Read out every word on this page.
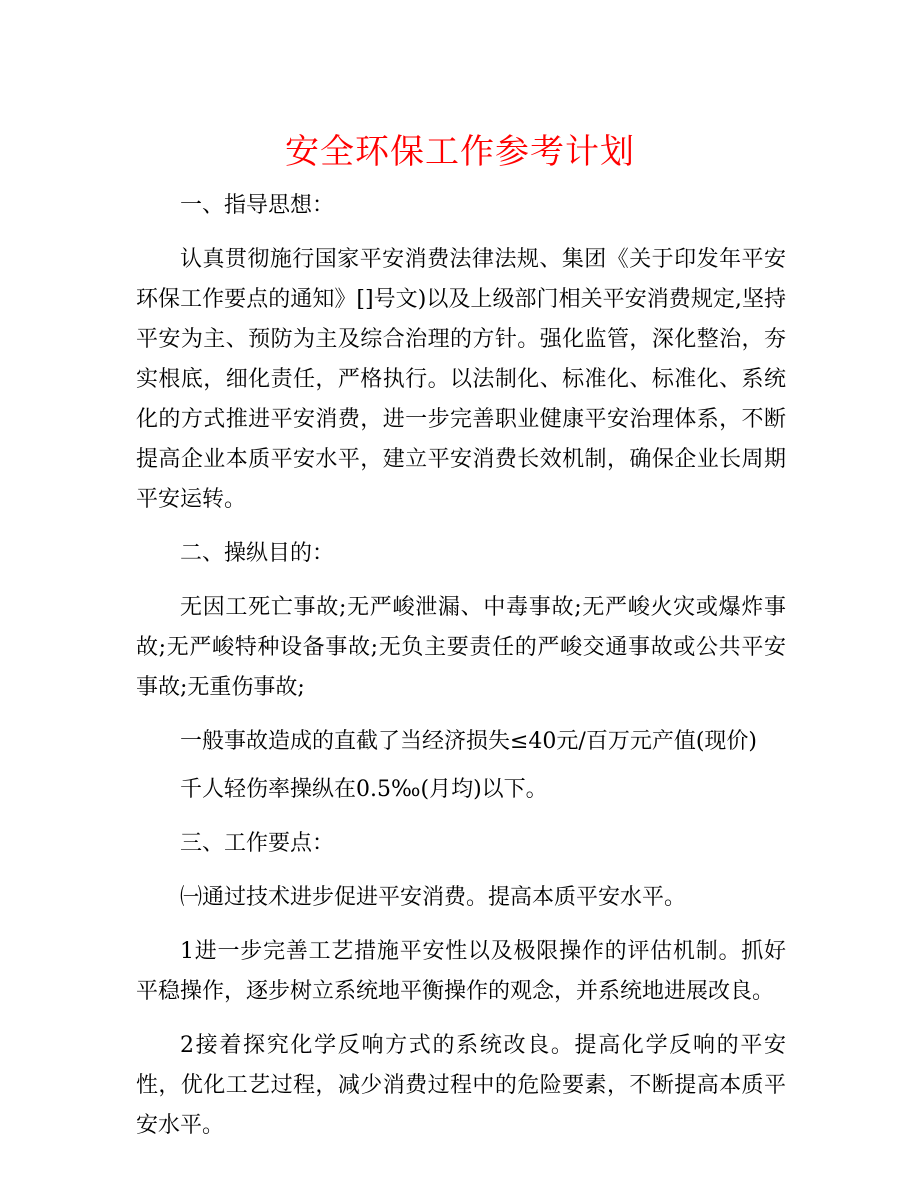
安全环保工作参考计划

一、指导思想：

认真贯彻施行国家平安消费法律法规、集团《关于印发年平安环保工作要点的通知》[]号文)以及上级部门相关平安消费规定,坚持平安为主、预防为主及综合治理的方针。强化监管，深化整治，夯实根底，细化责任，严格执行。以法制化、标准化、标准化、系统化的方式推进平安消费，进一步完善职业健康平安治理体系，不断提高企业本质平安水平，建立平安消费长效机制，确保企业长周期平安运转。

二、操纵目的：

无因工死亡事故;无严峻泄漏、中毒事故;无严峻火灾或爆炸事故;无严峻特种设备事故;无负主要责任的严峻交通事故或公共平安事故;无重伤事故;

一般事故造成的直截了当经济损失≤40元/百万元产值(现价)

千人轻伤率操纵在0.5‰(月均)以下。

三、工作要点：

㈠通过技术进步促进平安消费。提高本质平安水平。

1进一步完善工艺措施平安性以及极限操作的评估机制。抓好平稳操作，逐步树立系统地平衡操作的观念，并系统地进展改良。

2接着探究化学反响方式的系统改良。提高化学反响的平安性，优化工艺过程，减少消费过程中的危险要素，不断提高本质平安水平。
